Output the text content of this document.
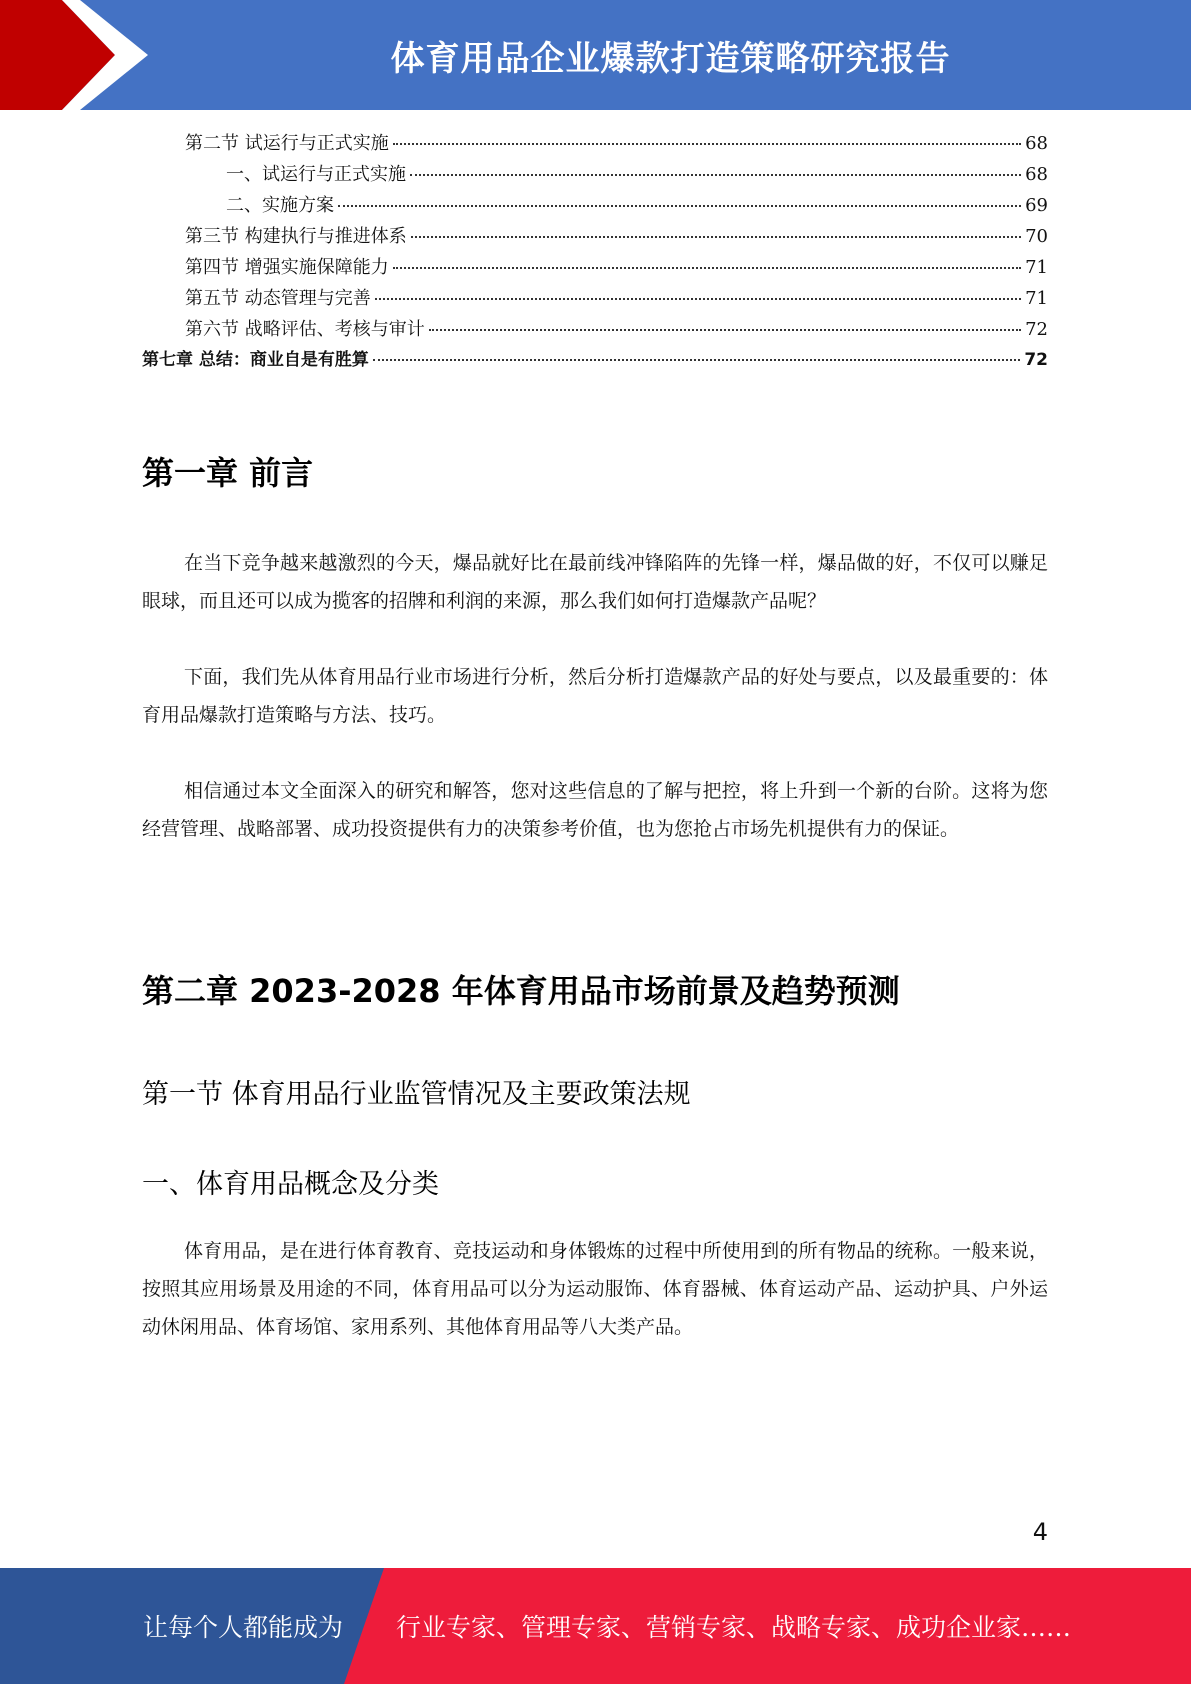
体育用品企业爆款打造策略研究报告
第二节 试运行与正式实施	68
一、试运行与正式实施	68
二、实施方案	69
第三节 构建执行与推进体系	70
第四节 增强实施保障能力	71
第五节 动态管理与完善	71
第六节 战略评估、考核与审计	72
第七章 总结：商业自是有胜算	72
第一章 前言

在当下竞争越来越激烈的今天，爆品就好比在最前线冲锋陷阵的先锋一样，爆品做的好，不仅可以赚足眼球，而且还可以成为揽客的招牌和利润的来源，那么我们如何打造爆款产品呢？

下面，我们先从体育用品行业市场进行分析，然后分析打造爆款产品的好处与要点，以及最重要的：体育用品爆款打造策略与方法、技巧。

相信通过本文全面深入的研究和解答，您对这些信息的了解与把控，将上升到一个新的台阶。这将为您经营管理、战略部署、成功投资提供有力的决策参考价值，也为您抢占市场先机提供有力的保证。

第二章 2023-2028 年体育用品市场前景及趋势预测
第一节 体育用品行业监管情况及主要政策法规
一、体育用品概念及分类

体育用品，是在进行体育教育、竞技运动和身体锻炼的过程中所使用到的所有物品的统称。一般来说，按照其应用场景及用途的不同，体育用品可以分为运动服饰、体育器械、体育运动产品、运动护具、户外运动休闲用品、体育场馆、家用系列、其他体育用品等八大类产品。

4
让每个人都能成为 行业专家、管理专家、营销专家、战略专家、成功企业家……
